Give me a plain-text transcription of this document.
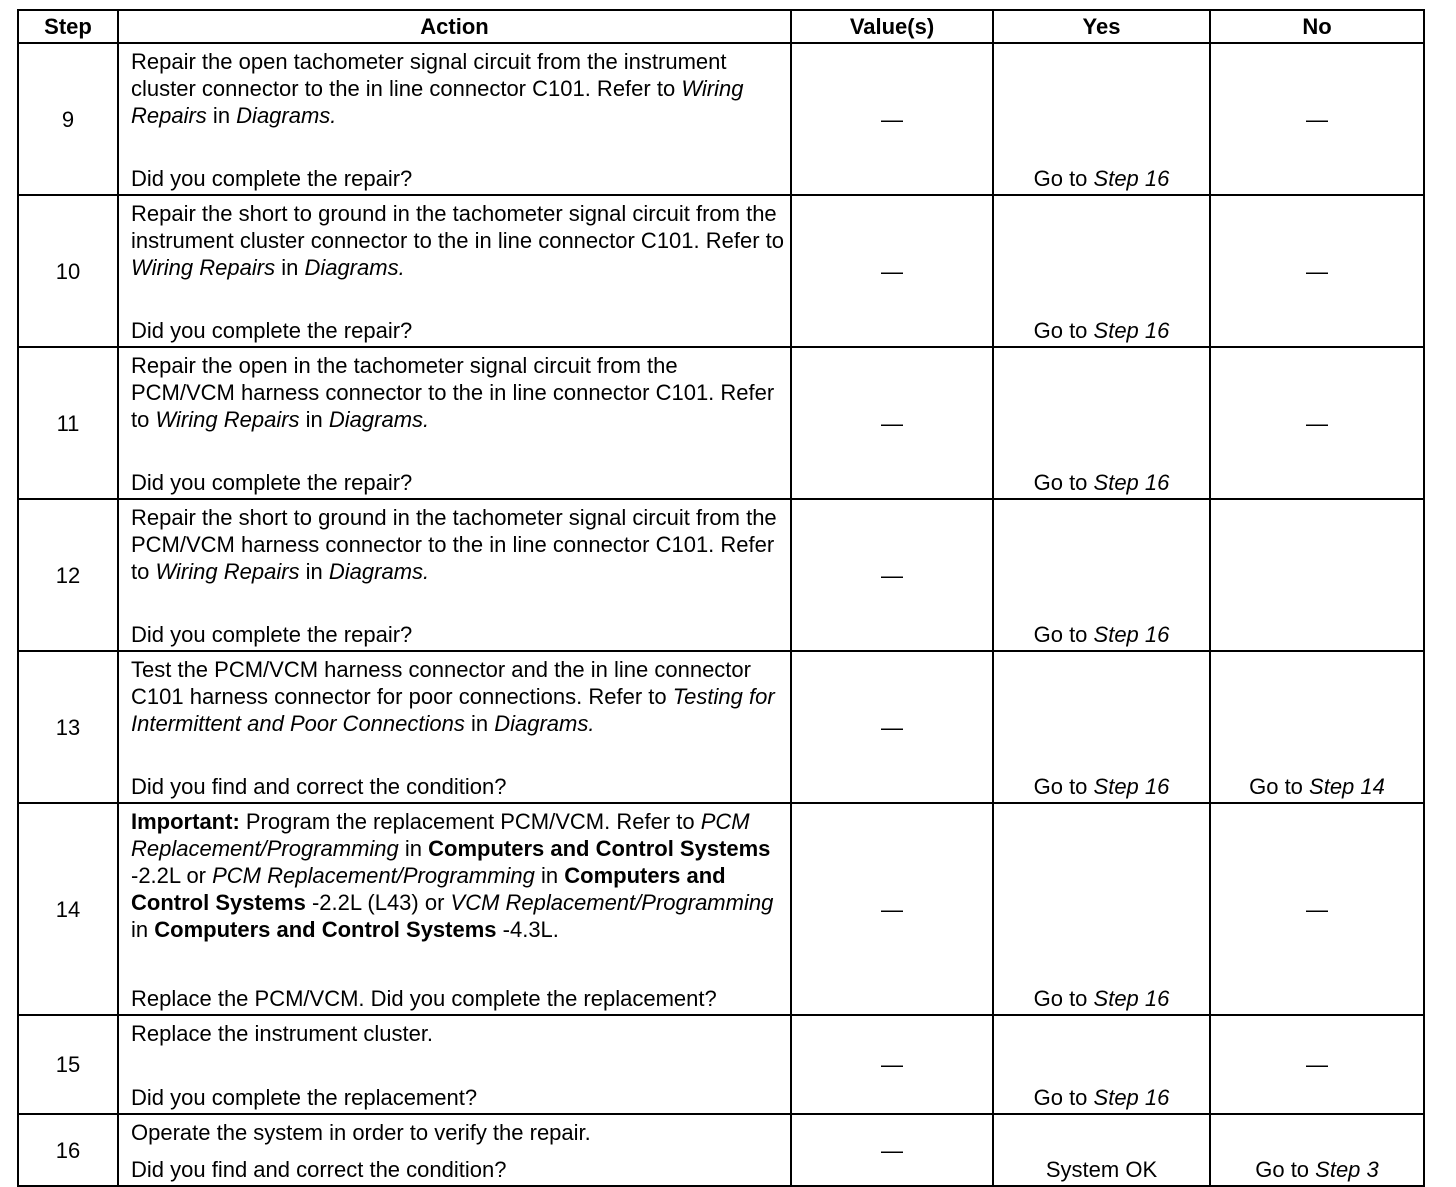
Step	Action	Value(s)	Yes	No
9	Repair the open tachometer signal circuit from the instrument cluster connector to the in line connector C101. Refer to Wiring Repairs in Diagrams.
Did you complete the repair?	—	Go to Step 16	—
10	Repair the short to ground in the tachometer signal circuit from the instrument cluster connector to the in line connector C101. Refer to Wiring Repairs in Diagrams.
Did you complete the repair?	—	Go to Step 16	—
11	Repair the open in the tachometer signal circuit from the PCM/VCM harness connector to the in line connector C101. Refer to Wiring Repairs in Diagrams.
Did you complete the repair?	—	Go to Step 16	—
12	Repair the short to ground in the tachometer signal circuit from the PCM/VCM harness connector to the in line connector C101. Refer to Wiring Repairs in Diagrams.
Did you complete the repair?	—	Go to Step 16	

13	Test the PCM/VCM harness connector and the in line connector C101 harness connector for poor connections. Refer to Testing for Intermittent and Poor Connections in Diagrams.
Did you find and correct the condition?	—	Go to Step 16	Go to Step 14

14	Important: Program the replacement PCM/VCM. Refer to PCM Replacement/Programming in Computers and Control Systems -2.2L or PCM Replacement/Programming in Computers and Control Systems -2.2L (L43) or VCM Replacement/Programming in Computers and Control Systems -4.3L.
Replace the PCM/VCM. Did you complete the replacement?	—	Go to Step 16	—
15	Replace the instrument cluster.
Did you complete the replacement?	—	Go to Step 16	—
16	Operate the system in order to verify the repair.
Did you find and correct the condition?	—	System OK	Go to Step 3
